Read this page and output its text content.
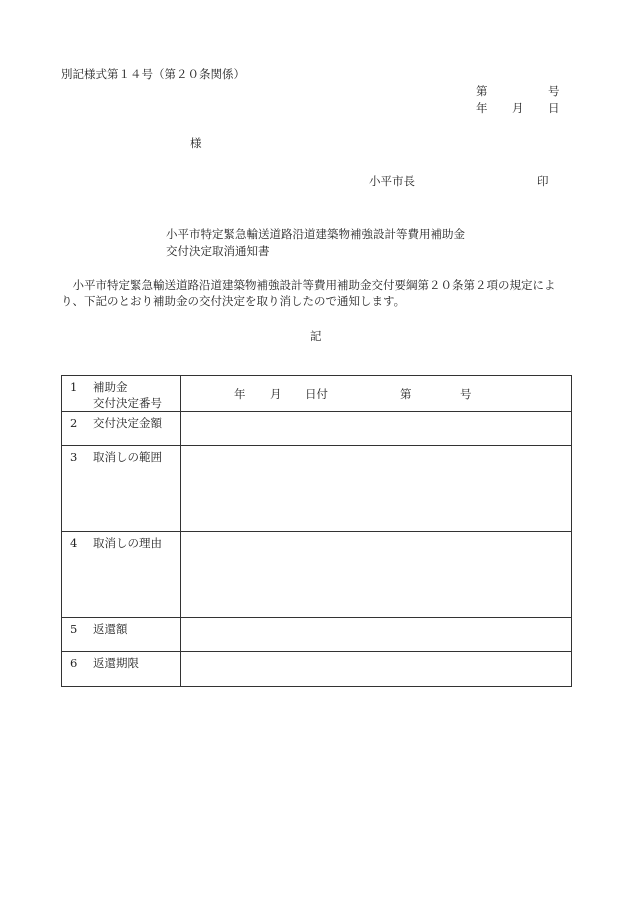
別記様式第１４号（第２０条関係）
第	号
年 月 日
様
小平市長	印
小平市特定緊急輸送道路沿道建築物補強設計等費用補助金
交付決定取消通知書

　小平市特定緊急輸送道路沿道建築物補強設計等費用補助金交付要綱第２０条第２項の規定によ

り、下記のとおり補助金の交付決定を取り消したので通知します。

記
1 補助金
交付決定番号	年 月 日付 第 号

2 交付決定金額	

3 取消しの範囲	

4 取消しの理由	

5 返還額	

6 返還期限	
